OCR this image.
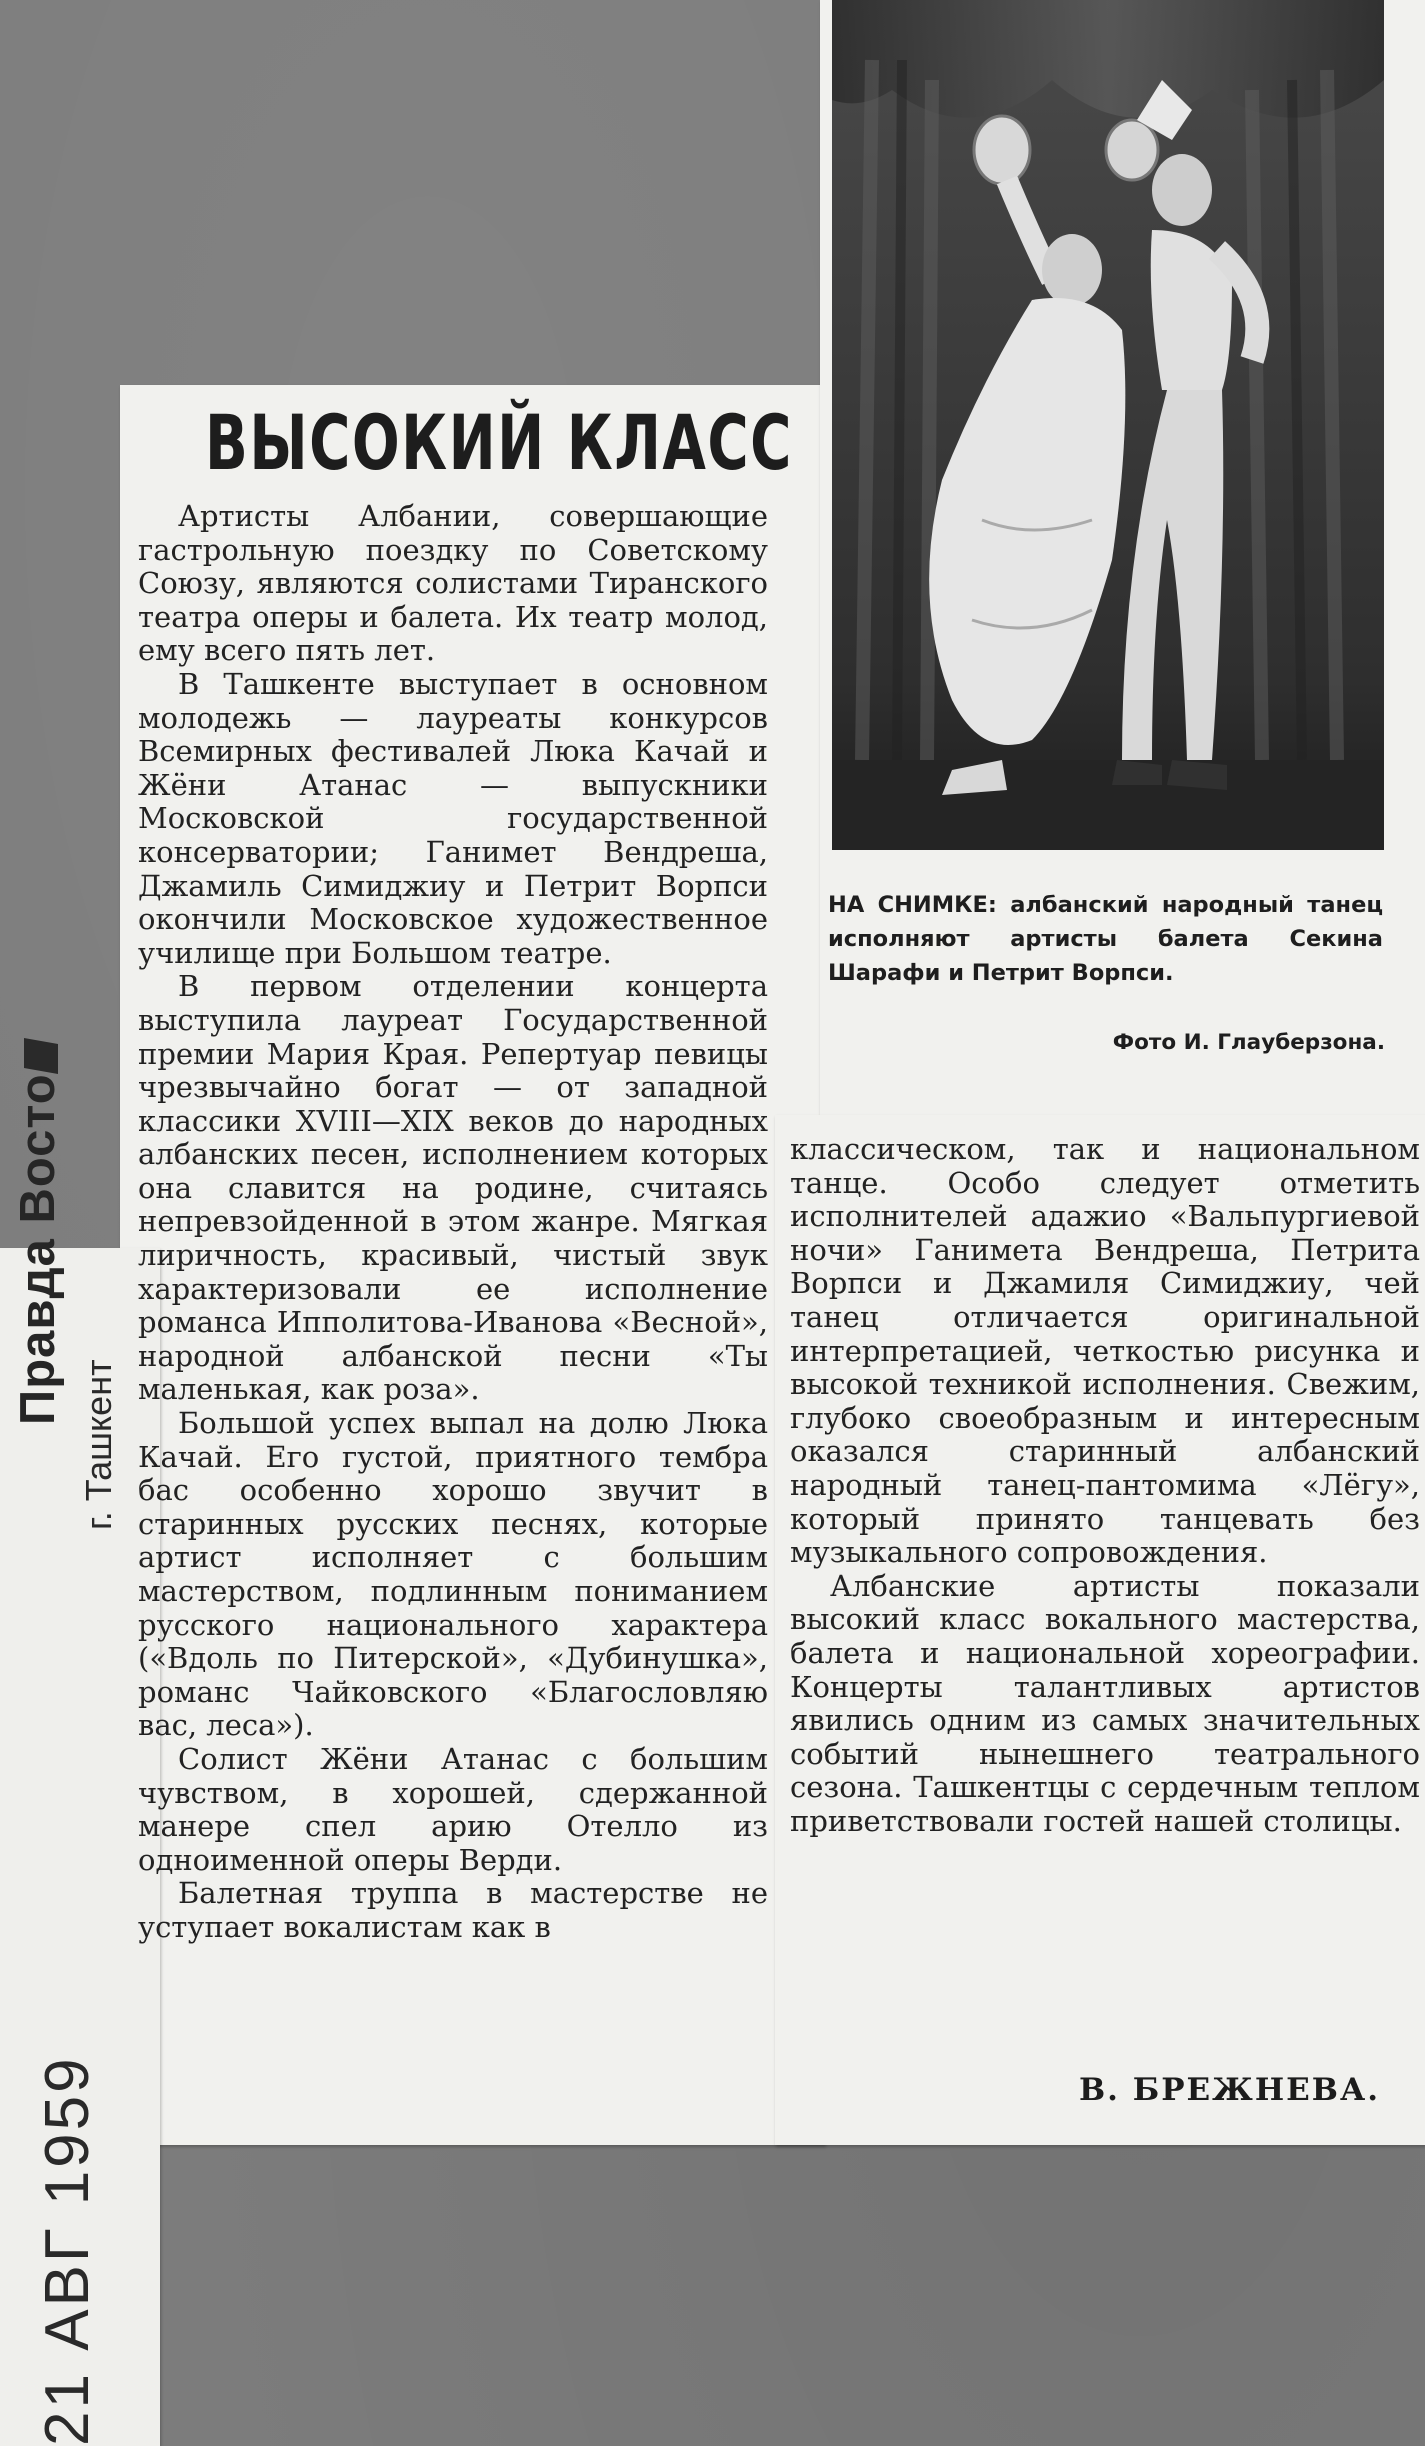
ВЫСОКИЙ КЛАСС

Артисты Албании, совершающие гастрольную поездку по Советскому Союзу, являются солистами Тиранского театра оперы и балета. Их театр молод, ему всего пять лет.

В Ташкенте выступает в основном молодежь — лауреаты конкурсов Всемирных фестивалей Люка Качай и Жёни Атанас — выпускники Московской государственной консерватории; Ганимет Вендреша, Джамиль Симиджиу и Петрит Ворпси окончили Московское художественное училище при Большом театре.

В первом отделении концерта выступила лауреат Государственной премии Мария Края. Репертуар певицы чрезвычайно богат — от западной классики XVIII—XIX веков до народных албанских песен, исполнением которых она славится на родине, считаясь непревзойденной в этом жанре. Мягкая лиричность, красивый, чистый звук характеризовали ее исполнение романса Ипполитова-Иванова «Весной», народной албанской песни «Ты маленькая, как роза».

Большой успех выпал на долю Люка Качай. Его густой, приятного тембра бас особенно хорошо звучит в старинных русских песнях, которые артист исполняет с большим мастерством, подлинным пониманием русского национального характера («Вдоль по Питерской», «Дубинушка», романс Чайковского «Благословляю вас, леса»).

Солист Жёни Атанас с большим чувством, в хорошей, сдержанной манере спел арию Отелло из одноименной оперы Верди.

Балетная труппа в мастерстве не уступает вокалистам как в

НА СНИМКЕ: албанский народный танец исполняют артисты балета Секина Шарафи и Петрит Ворпси.
Фото И. Глауберзона.

классическом, так и национальном танце. Особо следует отметить исполнителей адажио «Вальпургиевой ночи» Ганимета Вендреша, Петрита Ворпси и Джамиля Симиджиу, чей танец отличается оригинальной интерпретацией, четкостью рисунка и высокой техникой исполнения. Свежим, глубоко своеобразным и интересным оказался старинный албанский народный танец-пантомима «Лёгу», который принято танцевать без музыкального сопровождения.

Албанские артисты показали высокий класс вокального мастерства, балета и национальной хореографии. Концерты талантливых артистов явились одним из самых значительных событий нынешнего театрального сезона. Ташкентцы с сердечным теплом приветствовали гостей нашей столицы.

В. БРЕЖНЕВА.
Правда Восто
г. Ташкент
21 АВГ 1959
